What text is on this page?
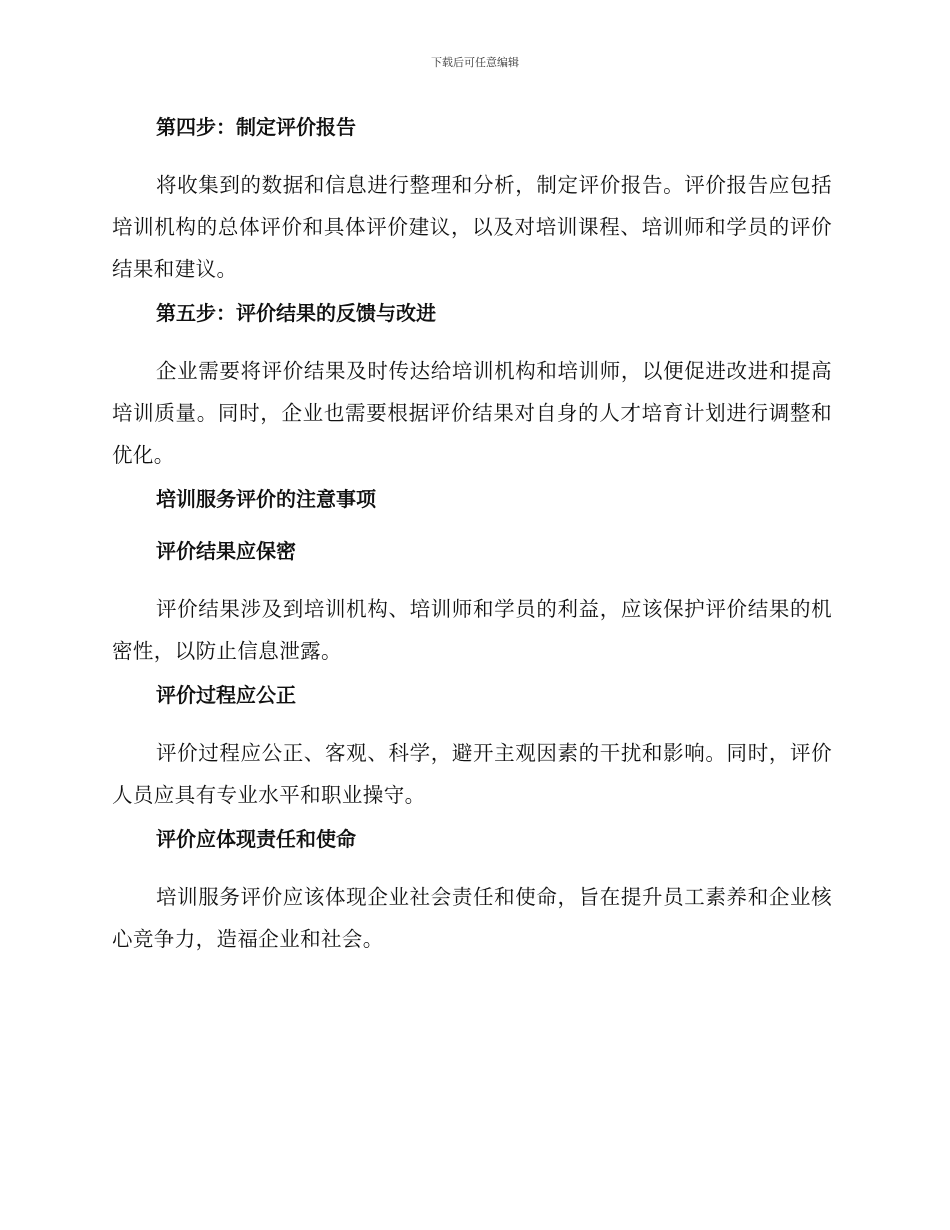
下载后可任意编辑
第四步：制定评价报告
将收集到的数据和信息进行整理和分析，制定评价报告。评价报告应包括培训机构的总体评价和具体评价建议，以及对培训课程、培训师和学员的评价结果和建议。
第五步：评价结果的反馈与改进
企业需要将评价结果及时传达给培训机构和培训师，以便促进改进和提高培训质量。同时，企业也需要根据评价结果对自身的人才培育计划进行调整和优化。
培训服务评价的注意事项
评价结果应保密
评价结果涉及到培训机构、培训师和学员的利益，应该保护评价结果的机密性，以防止信息泄露。
评价过程应公正
评价过程应公正、客观、科学，避开主观因素的干扰和影响。同时，评价人员应具有专业水平和职业操守。
评价应体现责任和使命
培训服务评价应该体现企业社会责任和使命，旨在提升员工素养和企业核心竞争力，造福企业和社会。
